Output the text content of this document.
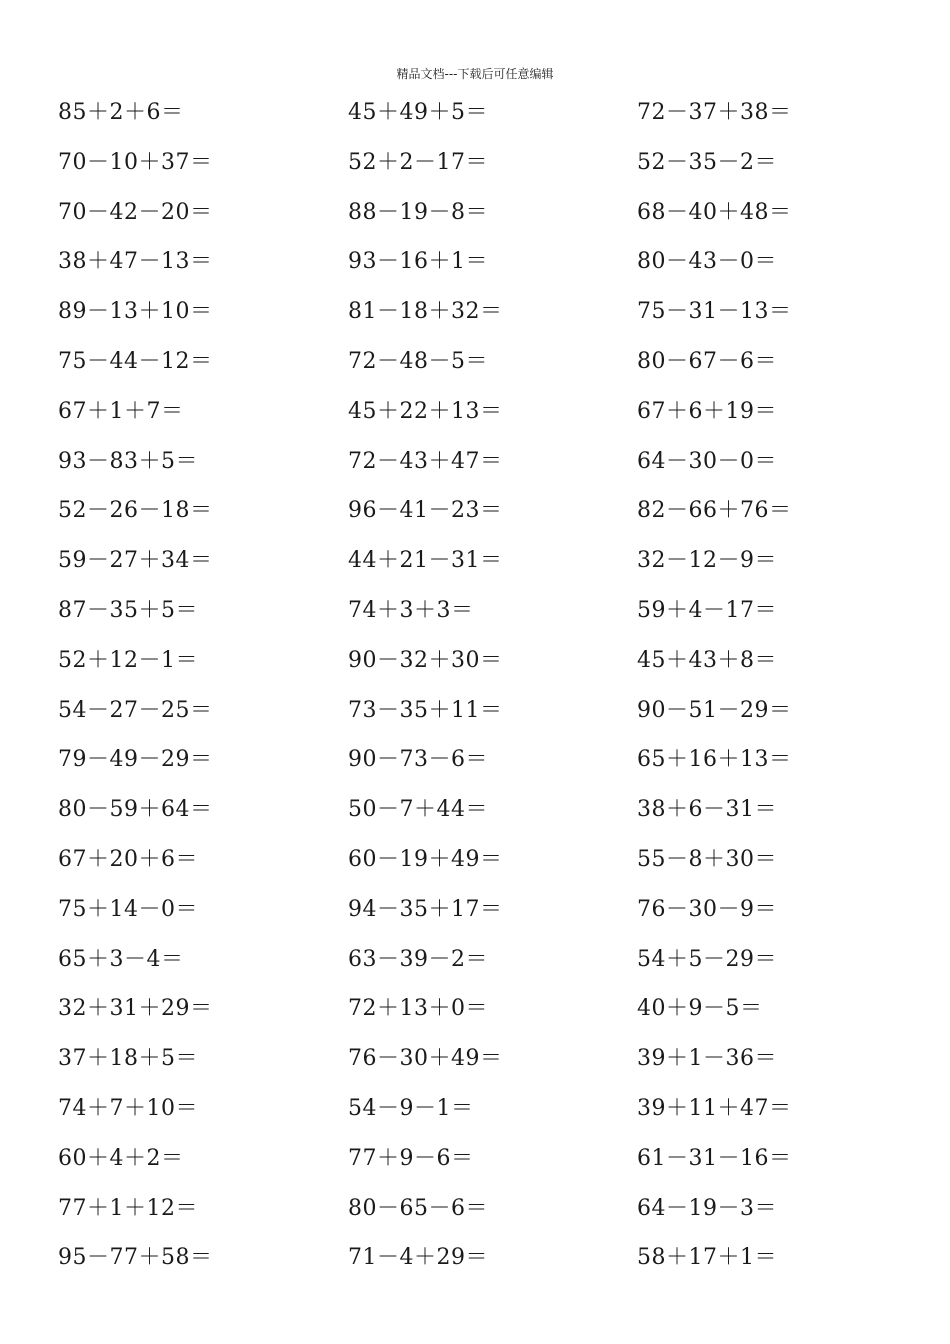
精品文档---下载后可任意编辑
85＋2＋6＝	45＋49＋5＝	72－37＋38＝
70－10＋37＝	52＋2－17＝	52－35－2＝
70－42－20＝	88－19－8＝	68－40＋48＝
38＋47－13＝	93－16＋1＝	80－43－0＝
89－13＋10＝	81－18＋32＝	75－31－13＝
75－44－12＝	72－48－5＝	80－67－6＝
67＋1＋7＝	45＋22＋13＝	67＋6＋19＝
93－83＋5＝	72－43＋47＝	64－30－0＝
52－26－18＝	96－41－23＝	82－66＋76＝
59－27＋34＝	44＋21－31＝	32－12－9＝
87－35＋5＝	74＋3＋3＝	59＋4－17＝
52＋12－1＝	90－32＋30＝	45＋43＋8＝
54－27－25＝	73－35＋11＝	90－51－29＝
79－49－29＝	90－73－6＝	65＋16＋13＝
80－59＋64＝	50－7＋44＝	38＋6－31＝
67＋20＋6＝	60－19＋49＝	55－8＋30＝
75＋14－0＝	94－35＋17＝	76－30－9＝
65＋3－4＝	63－39－2＝	54＋5－29＝
32＋31＋29＝	72＋13＋0＝	40＋9－5＝
37＋18＋5＝	76－30＋49＝	39＋1－36＝
74＋7＋10＝	54－9－1＝	39＋11＋47＝
60＋4＋2＝	77＋9－6＝	61－31－16＝
77＋1＋12＝	80－65－6＝	64－19－3＝
95－77＋58＝	71－4＋29＝	58＋17＋1＝
